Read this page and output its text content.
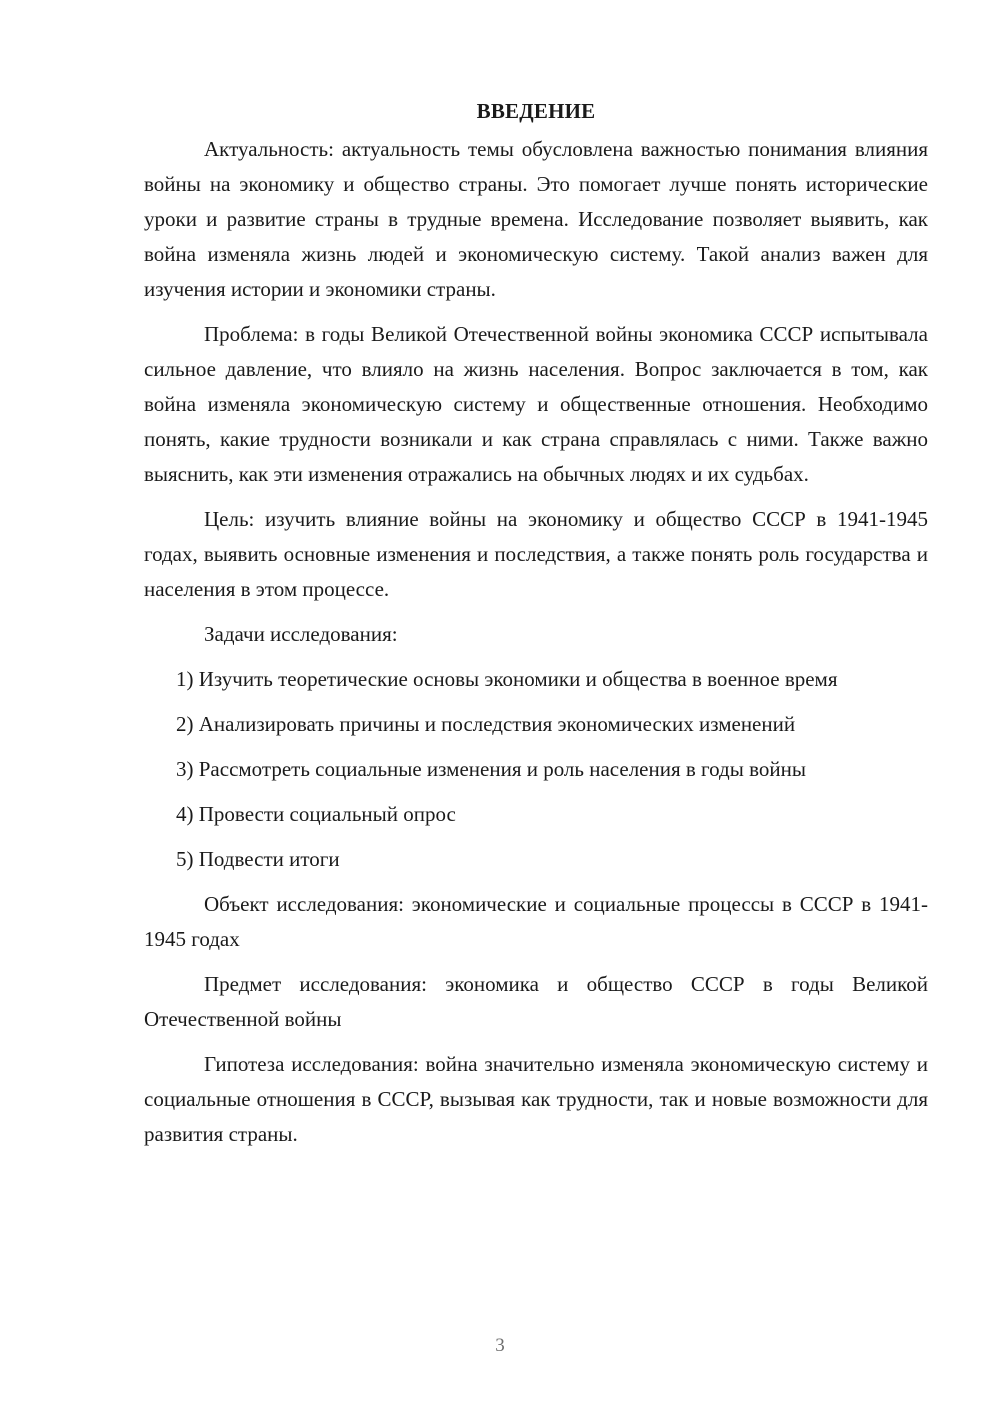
ВВЕДЕНИЕ

Актуальность: актуальность темы обусловлена важностью понимания влияния войны на экономику и общество страны. Это помогает лучше понять исторические уроки и развитие страны в трудные времена. Исследование позволяет выявить, как война изменяла жизнь людей и экономическую систему. Такой анализ важен для изучения истории и экономики страны.

Проблема: в годы Великой Отечественной войны экономика СССР испытывала сильное давление, что влияло на жизнь населения. Вопрос заключается в том, как война изменяла экономическую систему и общественные отношения. Необходимо понять, какие трудности возникали и как страна справлялась с ними. Также важно выяснить, как эти изменения отражались на обычных людях и их судьбах.

Цель: изучить влияние войны на экономику и общество СССР в 1941-1945 годах, выявить основные изменения и последствия, а также понять роль государства и населения в этом процессе.

Задачи исследования:

1) Изучить теоретические основы экономики и общества в военное время

2) Анализировать причины и последствия экономических изменений

3) Рассмотреть социальные изменения и роль населения в годы войны

4) Провести социальный опрос

5) Подвести итоги

Объект исследования: экономические и социальные процессы в СССР в 1941-1945 годах

Предмет исследования: экономика и общество СССР в годы Великой Отечественной войны

Гипотеза исследования: война значительно изменяла экономическую систему и социальные отношения в СССР, вызывая как трудности, так и новые возможности для развития страны.

3
